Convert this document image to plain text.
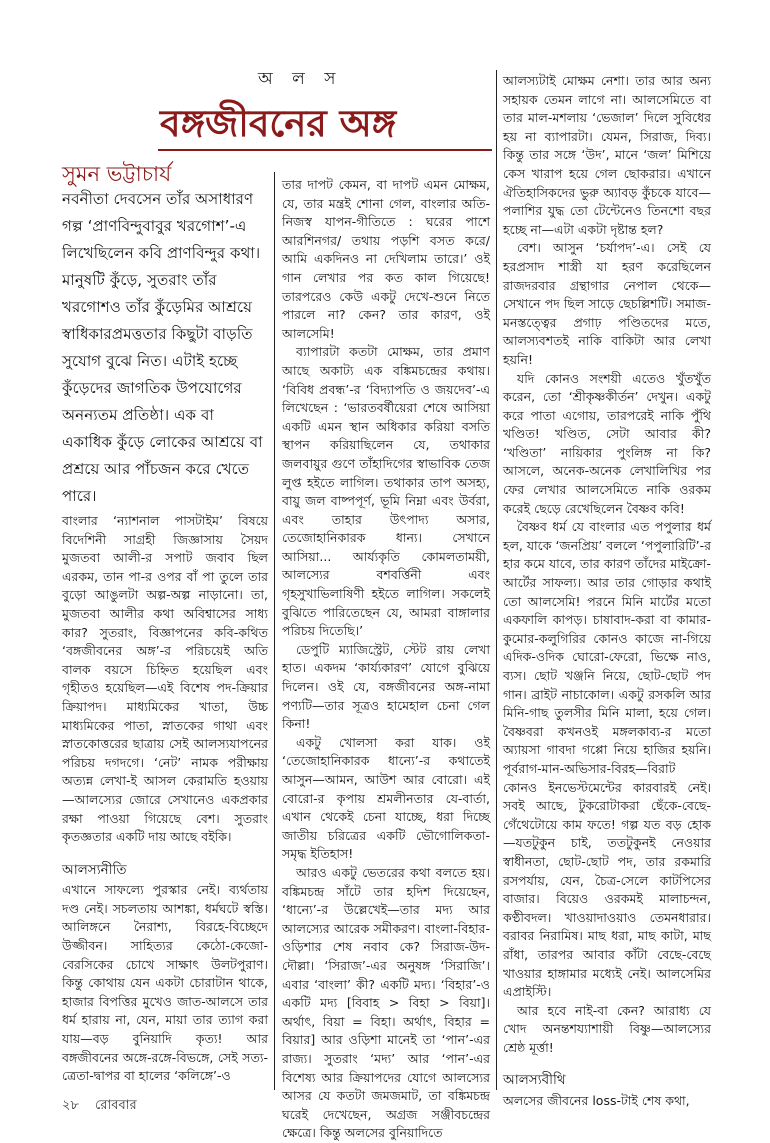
অ ল স
বঙ্গজীবনের অঙ্গ
সুমন ভট্টাচার্য

নবনীতা দেবসেন তাঁর অসাধারণ গল্প ‘প্রাণবিন্দুবাবুর খরগোশ’-এ লিখেছিলেন কবি প্রাণবিন্দুর কথা। মানুষটি কুঁড়ে, সুতরাং তাঁর খরগোশও তাঁর কুঁড়েমির আশ্রয়ে স্বাধিকারপ্রমত্ততার কিছুটা বাড়তি সুযোগ বুঝে নিত। এটাই হচ্ছে কুঁড়েদের জাগতিক উপযোগের অনন্যতম প্রতিষ্ঠা। এক বা একাধিক কুঁড়ে লোকের আশ্রয়ে বা প্রশ্রয়ে আর পাঁচজন করে খেতে পারে।

বাংলার ‘ন্যাশনাল পাসটাইম’ বিষয়ে বিদেশিনী সাগ্রহী জিজ্ঞাসায় সৈয়দ মুজতবা আলী-র সপাট জবাব ছিল এরকম, তান পা-র ওপর বাঁ পা তুলে তার বুড়ো আঙুলটা অল্প-অল্প নাড়ানো। তা, মুজতবা আলীর কথা অবিশ্বাসের সাধ্য কার? সুতরাং, বিজ্ঞাপনের কবি-কথিত ‘বঙ্গজীবনের অঙ্গ’-র পরিচয়েই অতি বালক বয়সে চিহ্নিত হয়েছিল এবং গৃহীতও হয়েছিল—এই বিশেষ পদ-ক্রিয়ার ক্রিয়াপদ। মাধ্যমিকের খাতা, উচ্চ মাধ্যমিকের পাতা, স্নাতকের গাথা এবং স্নাতকোত্তরের ছাত্রায় সেই আলস্যযাপনের পরিচয় দগদগে। ‘নেট’ নামক পরীক্ষায় অত্যন্ন লেখা-ই আসল কেরামতি হওয়ায়—আলস্যের জোরে সেখানেও একপ্রকার রক্ষা পাওয়া গিয়েছে বেশ। সুতরাং কৃতজ্ঞতার একটি দায় আছে বইকি।

আলস্যনীতি

এখানে সাফল্যে পুরস্কার নেই। ব্যর্থতায় দণ্ড নেই। সচলতায় আশঙ্কা, ধর্মঘটে স্বস্তি। আলিঙ্গনে নৈরাশ্য, বিরহে-বিচ্ছেদে উজ্জীবন। সাহিত্যর কেঠো-কেজো-বেরসিকের চোখে সাক্ষাৎ উলটপুরাণ। কিন্তু কোথায় যেন একটা চোরাটান থাকে, হাজার বিপত্তির মুখেও জাত-আলসে তার ধর্ম হারায় না, যেন, মায়া তার ত্যাগ করা যায়—বড় বুনিয়াদি কৃত্য! আর বঙ্গজীবনের অঙ্গে-রঙ্গে-বিভঙ্গে, সেই সত্য-ত্রেতা-দ্বাপর বা হালের ‘কলিঙ্গে’-ও

তার দাপট কেমন, বা দাপট এমন মোক্ষম, যে, তার মন্ত্রই শোনা গেল, বাংলার অতি-নিজস্ব যাপন-গীতিতে : ঘরের পাশে আরশিনগর/ তথায় পড়শি বসত করে/ আমি একদিনও না দেখিলাম তারে।’ ওই গান লেখার পর কত কাল গিয়েছে! তারপরেও কেউ একটু দেখে-শুনে নিতে পারলে না? কেন? তার কারণ, ওই আলসেমি!

ব্যাপারটা কতটা মোক্ষম, তার প্রমাণ আছে অকাট্য এক বঙ্কিমচন্দ্রের কথায়। ‘বিবিধ প্রবন্ধ’-র ‘বিদ্যাপতি ও জয়দেব’-এ লিখেছেন : ‘ভারতবর্ষীয়েরা শেষে আসিয়া একটি এমন স্থান অধিকার করিয়া বসতি স্থাপন করিয়াছিলেন যে, তথাকার জলবায়ুর গুণে তাঁহাদিগের স্বাভাবিক তেজ লুপ্ত হইতে লাগিল। তথাকার তাপ অসহ্য, বায়ু জল বাষ্পপূর্ণ, ভূমি নিম্না এবং উর্বরা, এবং তাহার উৎপাদ্য অসার, তেজোহানিকারক ধান্য। সেখানে আসিয়া... আর্য্যকৃতি কোমলতাময়ী, আলস্যের বশবর্ত্তিনী এবং গৃহসুখাভিলাষিণী হইতে লাগিল। সকলেই বুঝিতে পারিতেছেন যে, আমরা বাঙ্গালার পরিচয় দিতেছি।’

ডেপুটি ম্যাজিস্ট্রেট, স্টেট রায় লেখা হাত। একদম ‘কার্য্যকারণ’ যোগে বুঝিয়ে দিলেন। ওই যে, বঙ্গজীবনের অঙ্গ-নামা পণ্যটি—তার সূত্রও হামেহাল চেনা গেল কিনা!

একটু খোলসা করা যাক। ওই ‘তেজোহানিকারক ধান্যে’-র কথাতেই আসুন—আমন, আউশ আর বোরো। এই বোরো-র কৃপায় শ্রমলীনতার যে-বার্তা, এখান থেকেই চেনা যাচ্ছে, ধরা দিচ্ছে জাতীয় চরিত্রের একটি ভৌগোলিকতা-সমৃদ্ধ ইতিহাস!

আরও একটু ভেতরের কথা বলতে হয়। বঙ্কিমচন্দ্র সাঁটে তার হদিশ দিয়েছেন, ‘ধান্যে’-র উল্লেখেই—তার মদ্য আর আলস্যের আরেক সমীকরণ। বাংলা-বিহার-ওড়িশার শেষ নবাব কে? সিরাজ-উদ-দৌল্লা। ‘সিরাজ’-এর অনুষঙ্গ ‘সিরাজি’। এবার ‘বাংলা’ কী? একটি মদ্য। ‘বিহার’-ও একটি মদ্য [বিবাহ > বিহা > বিয়া]। অর্থাৎ, বিয়া = বিহা। অর্থাৎ, বিহার = বিয়ার] আর ওড়িশা মানেই তা ‘পান’-এর রাজ্য। সুতরাং ‘মদ্য’ আর ‘পান’-এর বিশেষ্য আর ক্রিয়াপদের যোগে আলস্যের আসর যে কতটা জমজমাট, তা বঙ্কিমচন্দ্র ঘরেই দেখেছেন, অগ্রজ সঞ্জীবচন্দ্রের ক্ষেত্রে। কিন্তু অলসের বুনিয়াদিতে

আলস্যটাই মোক্ষম নেশা। তার আর অন্য সহায়ক তেমন লাগে না। আলসেমিতে বা তার মাল-মশলায় ‘ভেজাল’ দিলে সুবিধের হয় না ব্যাপারটা। যেমন, সিরাজ, দিব্য। কিন্তু তার সঙ্গে ‘উদ’, মানে ‘জল’ মিশিয়ে কেস খারাপ হয়ে গেল ছোকরার। এখানে ঐতিহাসিকদের ভুরু অ্যাবড় কুঁচকে যাবে—পলাশির যুদ্ধ তো টেন্টেনেও তিনশো বছর হচ্ছে না—এটা একটা দৃষ্টান্ত হল?

বেশ। আসুন ‘চর্যাপদ’-এ। সেই যে হরপ্রসাদ শাস্ত্রী যা হরণ করেছিলেন রাজদরবার গ্রন্থাগার নেপাল থেকে—সেখানে পদ ছিল সাড়ে ছেচল্লিশটি। সমাজ-মনস্তত্ত্বের প্রগাঢ় পণ্ডিতদের মতে, আলস্যবশতই নাকি বাকিটা আর লেখা হয়নি!

যদি কোনও সংশয়ী এতেও খুঁতখুঁত করেন, তো ‘শ্রীকৃষ্ণকীর্তন’ দেখুন। একটু করে পাতা এগোয়, তারপরেই নাকি পুঁথি খণ্ডিত! খণ্ডিত, সেটা আবার কী? ‘খণ্ডিতা’ নায়িকার পুংলিঙ্গ না কি? আসলে, অনেক-অনেক লেখালিখির পর ফের লেখার আলসেমিতে নাকি ওরকম করেই ছেড়ে রেখেছিলেন বৈষ্ণব কবি!

বৈষ্ণব ধর্ম যে বাংলার এত পপুলার ধর্ম হল, যাকে ‘জনপ্রিয়’ বললে ‘পপুলারিটি’-র হার কমে যাবে, তার কারণ তাঁদের মাইক্রো-আর্টের সাফল্য। আর তার গোড়ার কথাই তো আলসেমি! পরনে মিনি মার্টের মতো একফালি কাপড়। চাষাবাদ-করা বা কামার-কুমোর-কলুগিরির কোনও কাজে না-গিয়ে এদিক-ওদিক ঘোরো-ফেরো, ভিক্ষে নাও, ব্যস। ছোট খঞ্জনি নিয়ে, ছোট-ছোট পদ গান। ব্রাইট নাচাকোল। একটু রসকলি আর মিনি-গাছ তুলসীর মিনি মালা, হয়ে গেল। বৈষ্ণবরা কখনওই মঙ্গলকাব্য-র মতো অ্যায়সা গাবদা গপ্পো নিয়ে হাজির হয়নি। পূর্বরাগ-মান-অভিসার-বিরহ—বিরাট কোনও ইনভেস্টমেন্টের কারবারই নেই। সবই আছে, টুকরোটাকরা ছেঁকে-বেছে-গেঁথেটোয়ে কাম ফতে! গল্প যত বড় হোক—যতটুকুন চাই, ততটুকুনই নেওয়ার স্বাধীনতা, ছোট-ছোট পদ, তার রকমারি রসপর্যায়, যেন, চৈত্র-সেলে কাটপিসের বাজার। বিয়েও ওরকমই মালাচন্দন, কণ্ঠীবদল। খাওয়াদাওয়াও তেমনধারার। বরাবর নিরামিষ। মাছ ধরা, মাছ কাটা, মাছ রাঁধা, তারপর আবার কাঁটা বেছে-বেছে খাওয়ার হাঙ্গামার মধ্যেই নেই। আলসেমির এপ্রাইস্টি।

আর হবে নাই-বা কেন? আরাধ্য যে খোদ অনন্তশয্যাশায়ী বিষ্ণু—আলস্যের শ্রেষ্ঠ মূর্ত্তা!

আলস্যবীথি

অলসের জীবনের loss-টাই শেষ কথা,

২৮ রোববার
